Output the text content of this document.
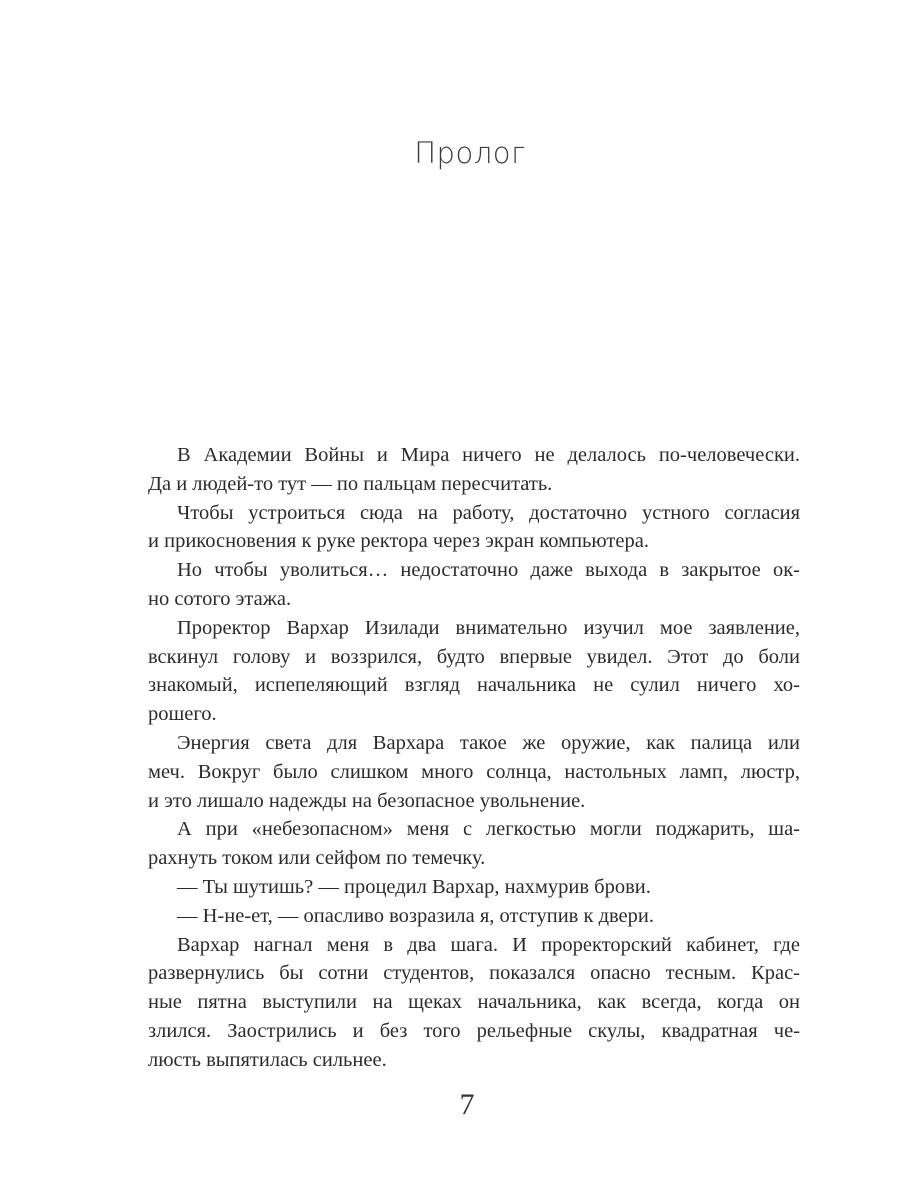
Пролог
В Академии Войны и Мира ничего не делалось по-человечески.
Да и людей-то тут — по пальцам пересчитать.
Чтобы устроиться сюда на работу, достаточно устного согласия
и прикосновения к руке ректора через экран компьютера.
Но чтобы уволиться… недостаточно даже выхода в закрытое ок-
но сотого этажа.
Проректор Вархар Изилади внимательно изучил мое заявление,
вскинул голову и воззрился, будто впервые увидел. Этот до боли
знакомый, испепеляющий взгляд начальника не сулил ничего хо-
рошего.
Энергия света для Вархара такое же оружие, как палица или
меч. Вокруг было слишком много солнца, настольных ламп, люстр,
и это лишало надежды на безопасное увольнение.
А при «небезопасном» меня с легкостью могли поджарить, ша-
рахнуть током или сейфом по темечку.
— Ты шутишь? — процедил Вархар, нахмурив брови.
— Н-не-ет, — опасливо возразила я, отступив к двери.
Вархар нагнал меня в два шага. И проректорский кабинет, где
развернулись бы сотни студентов, показался опасно тесным. Крас-
ные пятна выступили на щеках начальника, как всегда, когда он
злился. Заострились и без того рельефные скулы, квадратная че-
люсть выпятилась сильнее.
7
